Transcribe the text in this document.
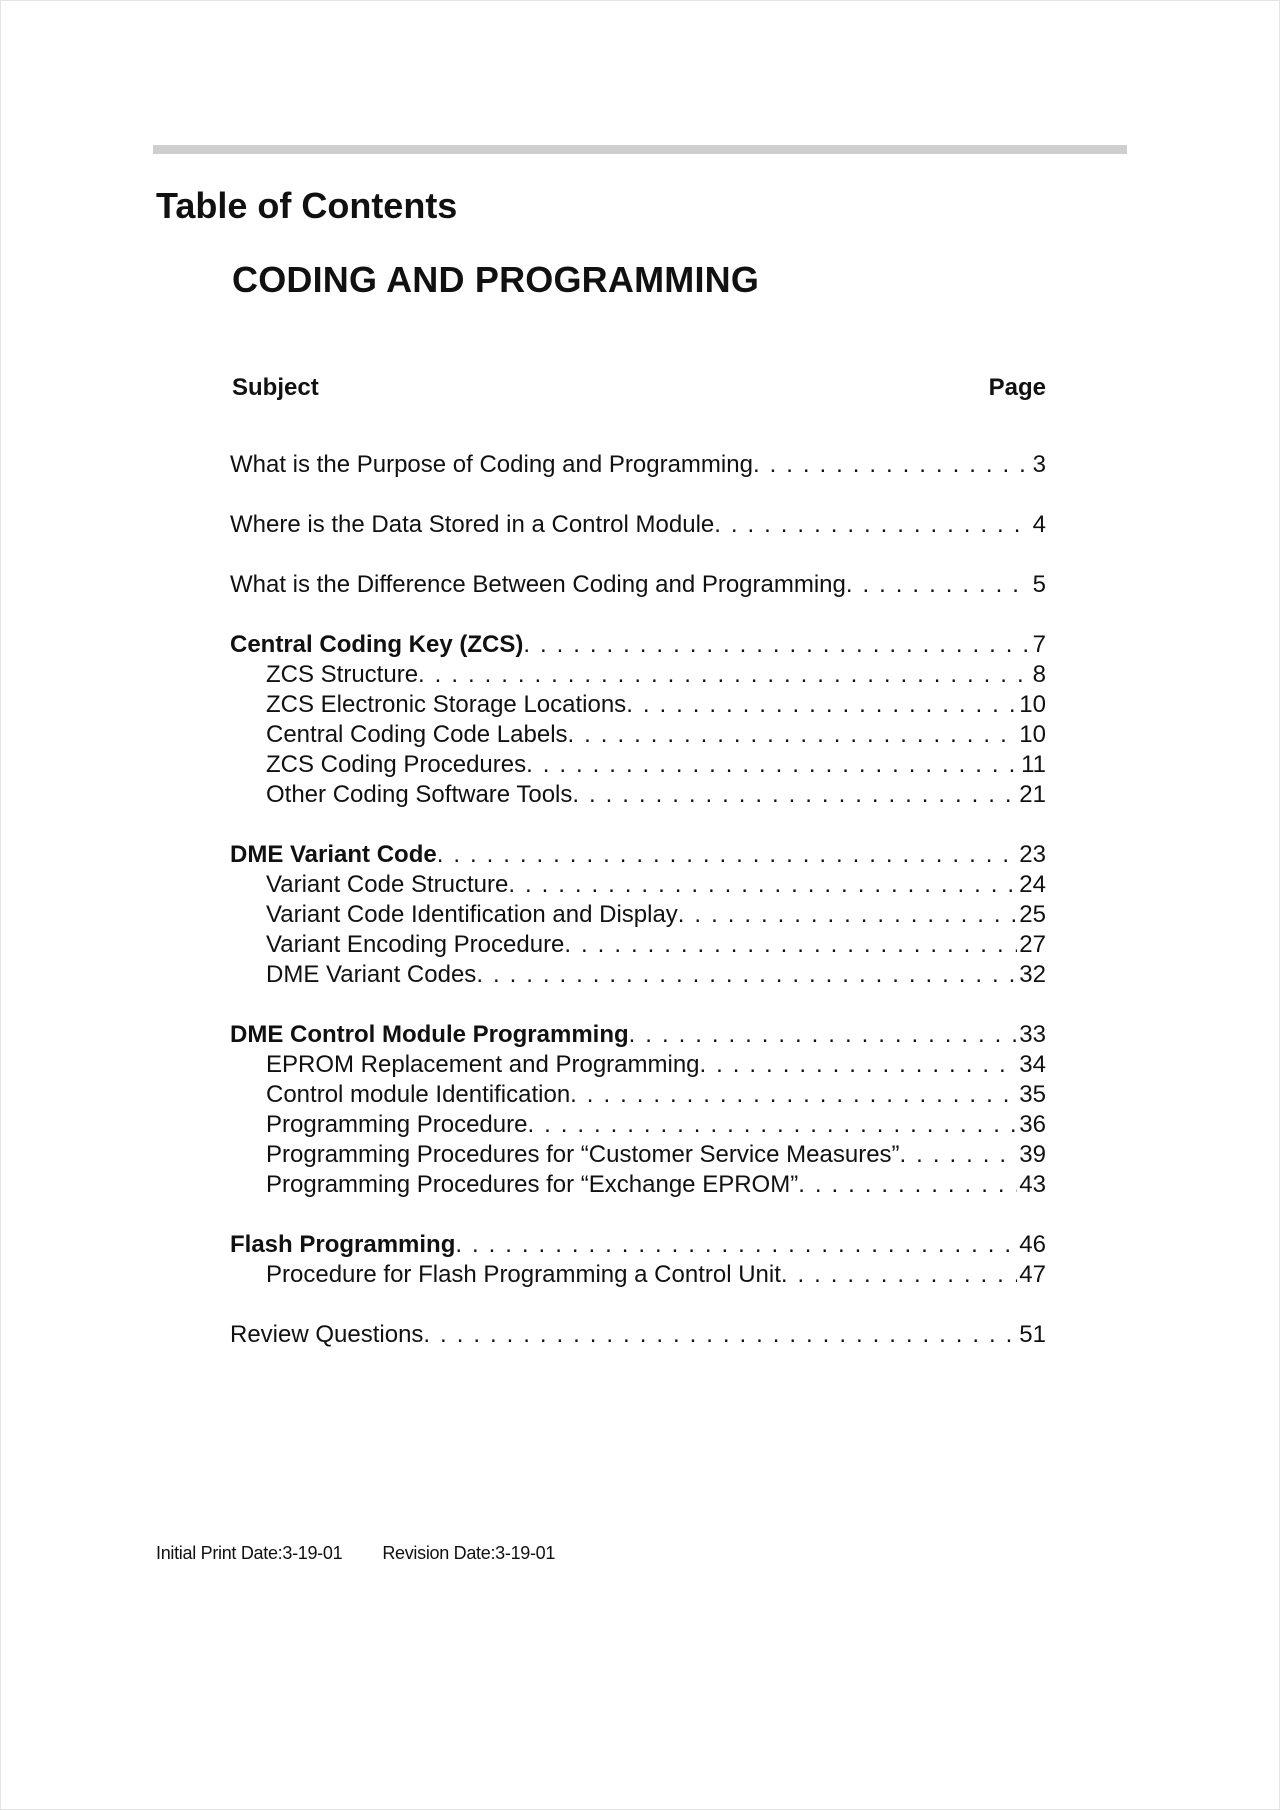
Table of Contents
CODING AND PROGRAMMING
Subject	Page
What is the Purpose of Coding and Programming . . .	3
Where is the Data Stored in a Control Module . . .	4
What is the Difference Between Coding and Programming . . .	5
Central Coding Key (ZCS) . . .	7
ZCS Structure . . .	8
ZCS Electronic Storage Locations . . .	10
Central Coding Code Labels . . .	10
ZCS Coding Procedures . . .	11
Other Coding Software Tools . . .	21
DME Variant Code . . .	23
Variant Code Structure . . .	24
Variant Code Identification and Display . . .	25
Variant Encoding Procedure . . .	27
DME Variant Codes . . .	32
DME Control Module Programming . . .	33
EPROM Replacement and Programming . . .	34
Control module Identification . . .	35
Programming Procedure . . .	36
Programming Procedures for “Customer Service Measures” . . .	39
Programming Procedures for “Exchange EPROM” . . .	43
Flash Programming . . .	46
Procedure for Flash Programming a Control Unit . . .	47
Review Questions . . .	51
Initial Print Date:3-19-01 Revision Date:3-19-01
